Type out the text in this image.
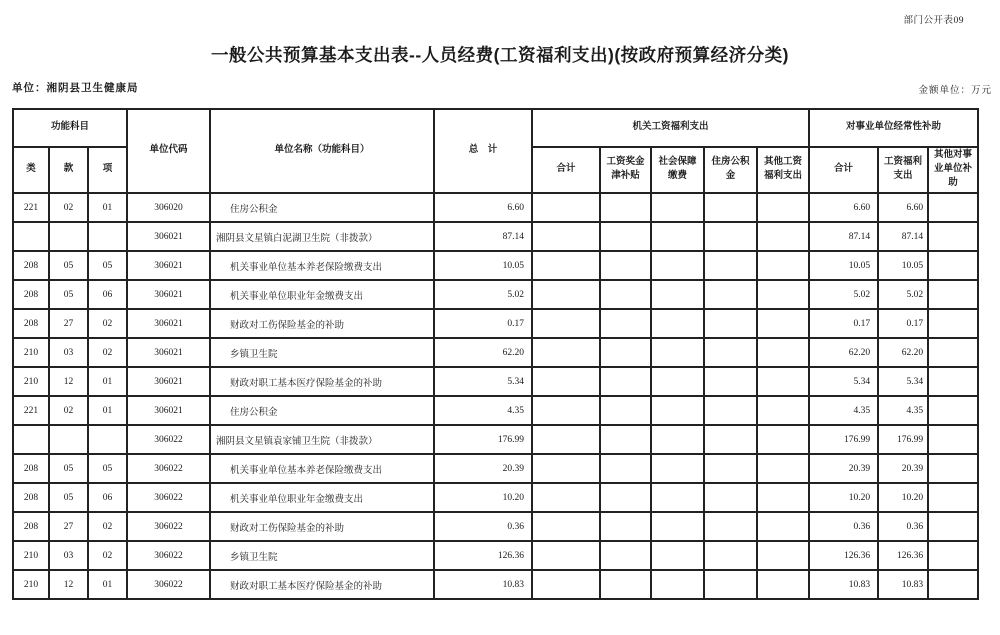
部门公开表09
一般公共预算基本支出表--人员经费(工资福利支出)(按政府预算经济分类)
单位：湘阴县卫生健康局	金额单位：万元
功能科目			单位代码	单位名称（功能科目）	总　计	机关工资福利支出					对事业单位经常性补助		
类	款	项				合计	工资奖金津补贴	社会保障缴费	住房公积金	其他工资福利支出	合计	工资福利支出	其他对事业单位补助
221	02	01	306020	住房公积金	6.60						6.60	6.60	
			306021	湘阴县文星镇白泥湖卫生院（非拨款）	87.14						87.14	87.14	
208	05	05	306021	机关事业单位基本养老保险缴费支出	10.05						10.05	10.05	
208	05	06	306021	机关事业单位职业年金缴费支出	5.02						5.02	5.02	
208	27	02	306021	财政对工伤保险基金的补助	0.17						0.17	0.17	
210	03	02	306021	乡镇卫生院	62.20						62.20	62.20	
210	12	01	306021	财政对职工基本医疗保险基金的补助	5.34						5.34	5.34	
221	02	01	306021	住房公积金	4.35						4.35	4.35	
			306022	湘阴县文星镇袁家铺卫生院（非拨款）	176.99						176.99	176.99	
208	05	05	306022	机关事业单位基本养老保险缴费支出	20.39						20.39	20.39	
208	05	06	306022	机关事业单位职业年金缴费支出	10.20						10.20	10.20	
208	27	02	306022	财政对工伤保险基金的补助	0.36						0.36	0.36	
210	03	02	306022	乡镇卫生院	126.36						126.36	126.36	
210	12	01	306022	财政对职工基本医疗保险基金的补助	10.83						10.83	10.83	
